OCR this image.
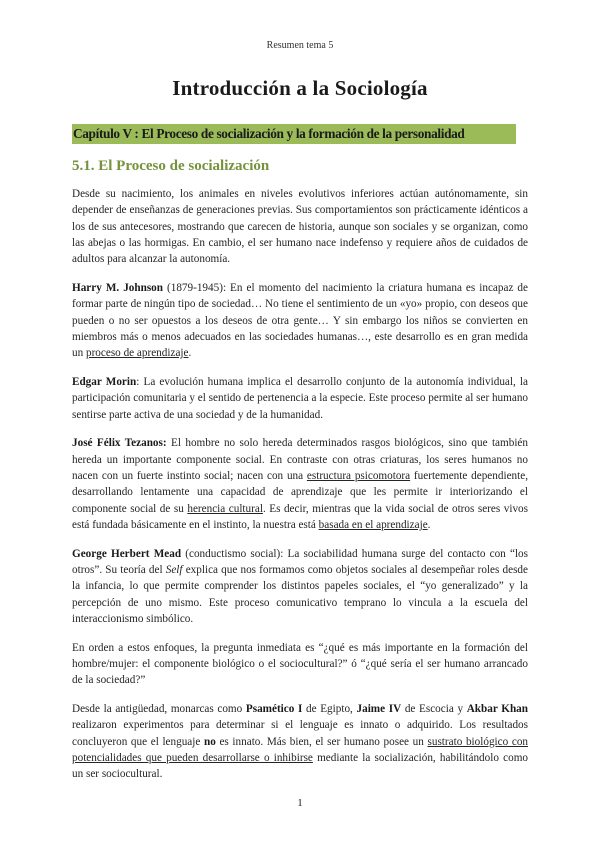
Resumen tema 5
Introducción a la Sociología
Capítulo V : El Proceso de socialización y la formación de la personalidad
5.1. El Proceso de socialización

Desde su nacimiento, los animales en niveles evolutivos inferiores actúan autónomamente, sin depender de enseñanzas de generaciones previas. Sus comportamientos son prácticamente idénticos a los de sus antecesores, mostrando que carecen de historia, aunque son sociales y se organizan, como las abejas o las hormigas. En cambio, el ser humano nace indefenso y requiere años de cuidados de adultos para alcanzar la autonomía.

Harry M. Johnson (1879-1945): En el momento del nacimiento la criatura humana es incapaz de formar parte de ningún tipo de sociedad… No tiene el sentimiento de un «yo» propio, con deseos que pueden o no ser opuestos a los deseos de otra gente… Y sin embargo los niños se convierten en miembros más o menos adecuados en las sociedades humanas…, este desarrollo es en gran medida un proceso de aprendizaje.

Edgar Morin: La evolución humana implica el desarrollo conjunto de la autonomía individual, la participación comunitaria y el sentido de pertenencia a la especie. Este proceso permite al ser humano sentirse parte activa de una sociedad y de la humanidad.

José Félix Tezanos: El hombre no solo hereda determinados rasgos biológicos, sino que también hereda un importante componente social. En contraste con otras criaturas, los seres humanos no nacen con un fuerte instinto social; nacen con una estructura psicomotora fuertemente dependiente, desarrollando lentamente una capacidad de aprendizaje que les permite ir interiorizando el componente social de su herencia cultural. Es decir, mientras que la vida social de otros seres vivos está fundada básicamente en el instinto, la nuestra está basada en el aprendizaje.

George Herbert Mead (conductismo social): La sociabilidad humana surge del contacto con “los otros”. Su teoría del Self explica que nos formamos como objetos sociales al desempeñar roles desde la infancia, lo que permite comprender los distintos papeles sociales, el “yo generalizado” y la percepción de uno mismo. Este proceso comunicativo temprano lo vincula a la escuela del interaccionismo simbólico.

En orden a estos enfoques, la pregunta inmediata es “¿qué es más importante en la formación del hombre/mujer: el componente biológico o el sociocultural?” ó “¿qué sería el ser humano arrancado de la sociedad?”

Desde la antigüedad, monarcas como Psamético I de Egipto, Jaime IV de Escocia y Akbar Khan realizaron experimentos para determinar si el lenguaje es innato o adquirido. Los resultados concluyeron que el lenguaje no es innato. Más bien, el ser humano posee un sustrato biológico con potencialidades que pueden desarrollarse o inhibirse mediante la socialización, habilitándolo como un ser sociocultural.

1
